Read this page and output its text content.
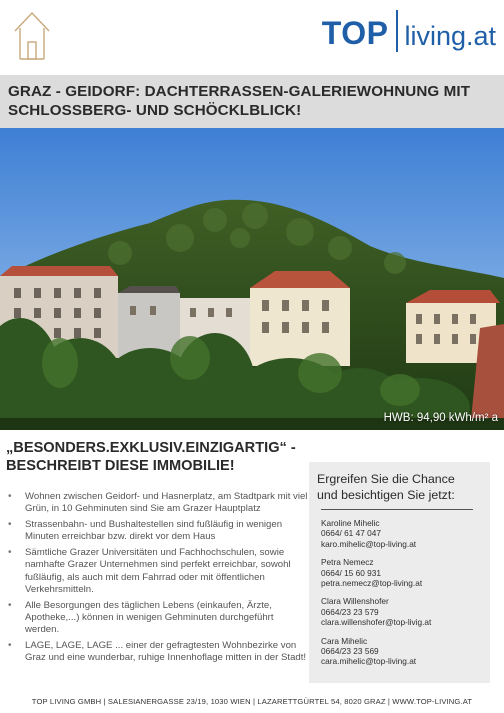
TOP living.at
GRAZ - GEIDORF: DACHTERRASSEN-GALERIEWOHNUNG MIT
SCHLOSSBERG- UND SCHÖCKLBLICK!
HWB: 94,90 kWh/m² a
„BESONDERS.EXKLUSIV.EINZIGARTIG“ -
BESCHREIBT DIESE IMMOBILIE!
• Wohnen zwischen Geidorf- und Hasnerplatz, am Stadtpark mit viel Grün, in 10 Gehminuten sind Sie am Grazer Hauptplatz
• Strassenbahn- und Bushaltestellen sind fußläufig in wenigen Minuten erreichbar bzw. direkt vor dem Haus
• Sämtliche Grazer Universitäten und Fachhochschulen, sowie namhafte Grazer Unternehmen sind perfekt erreichbar, sowohl fußläufig, als auch mit dem Fahrrad oder mit öffentlichen Verkehrsmitteln.
• Alle Besorgungen des täglichen Lebens (einkaufen, Ärzte, Apotheke,...) können in wenigen Gehminuten durchgeführt werden.
• LAGE, LAGE, LAGE ... einer der gefragtesten Wohnbezirke von Graz und eine wunderbar, ruhige Innenhoflage mitten in der Stadt!
Ergreifen Sie die Chance
und besichtigen Sie jetzt:
Karoline Mihelic
0664/ 61 47 047
karo.mihelic@top-living.at
Petra Nemecz
0664/ 15 60 931
petra.nemecz@top-living.at
Clara Willenshofer
0664/23 23 579
clara.willenshofer@top-livig.at
Cara Mihelic
0664/23 23 569
cara.mihelic@top-living.at
TOP LIVING GMBH | SALESIANERGASSE 23/19, 1030 WIEN | LAZARETTGÜRTEL 54, 8020 GRAZ | WWW.TOP-LIVING.AT
